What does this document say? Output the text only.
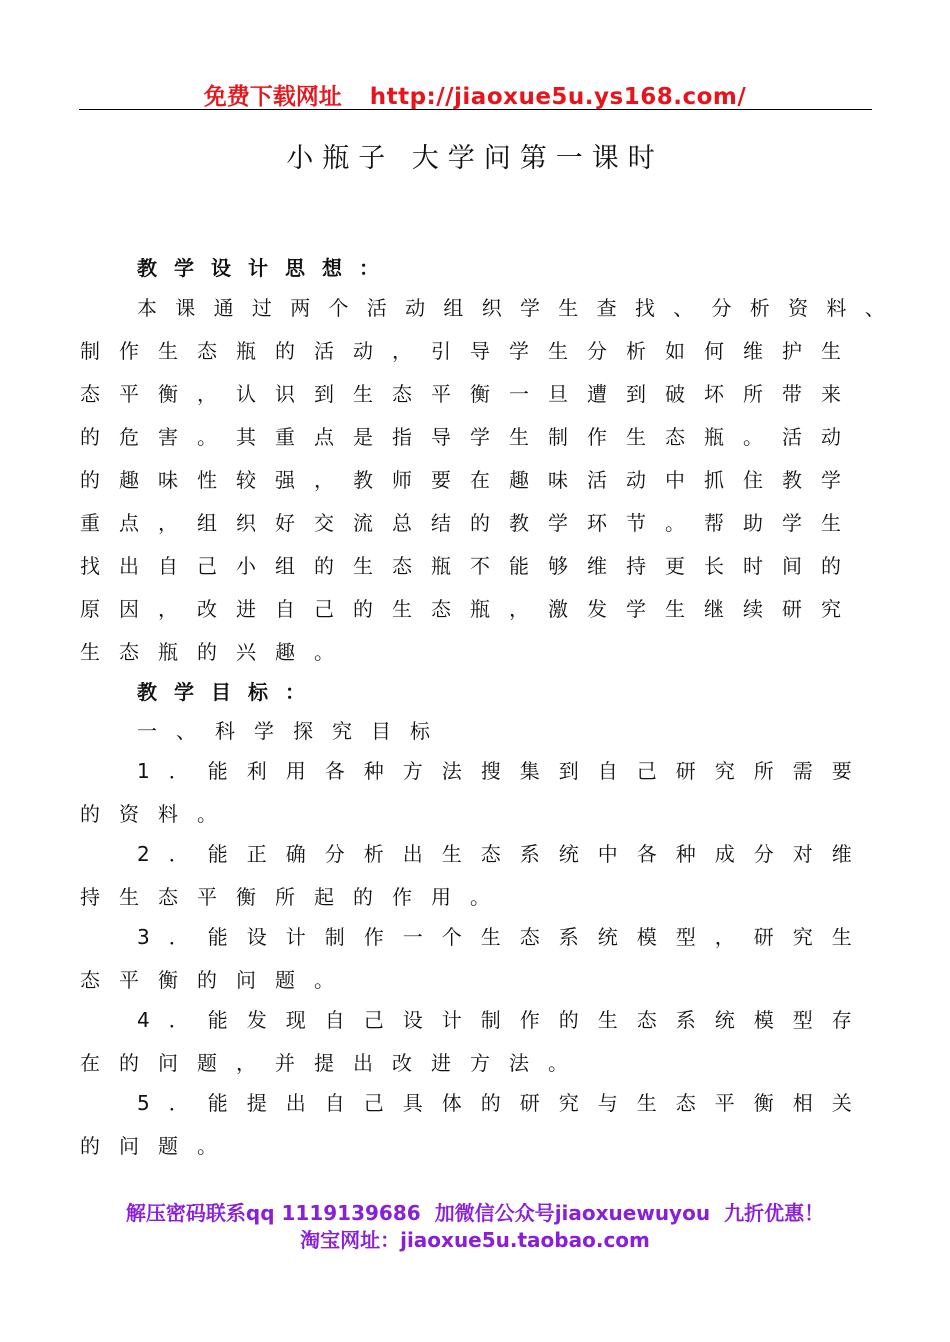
免费下载网址 http://jiaoxue5u.ys168.com/
小瓶子 大学问第一课时
教学设计思想：
本课通过两个活动组织学生查找、分析资料、
制作生态瓶的活动，引导学生分析如何维护生
态平衡，认识到生态平衡一旦遭到破坏所带来
的危害。其重点是指导学生制作生态瓶。活动
的趣味性较强，教师要在趣味活动中抓住教学
重点，组织好交流总结的教学环节。帮助学生
找出自己小组的生态瓶不能够维持更长时间的
原因，改进自己的生态瓶，激发学生继续研究
生态瓶的兴趣。
教学目标：
一、科学探究目标
1．能利用各种方法搜集到自己研究所需要
的资料。
2．能正确分析出生态系统中各种成分对维
持生态平衡所起的作用。
3．能设计制作一个生态系统模型，研究生
态平衡的问题。
4．能发现自己设计制作的生态系统模型存
在的问题，并提出改进方法。
5．能提出自己具体的研究与生态平衡相关
的问题。
解压密码联系qq 1119139686 加微信公众号jiaoxuewuyou 九折优惠！
淘宝网址：jiaoxue5u.taobao.com
